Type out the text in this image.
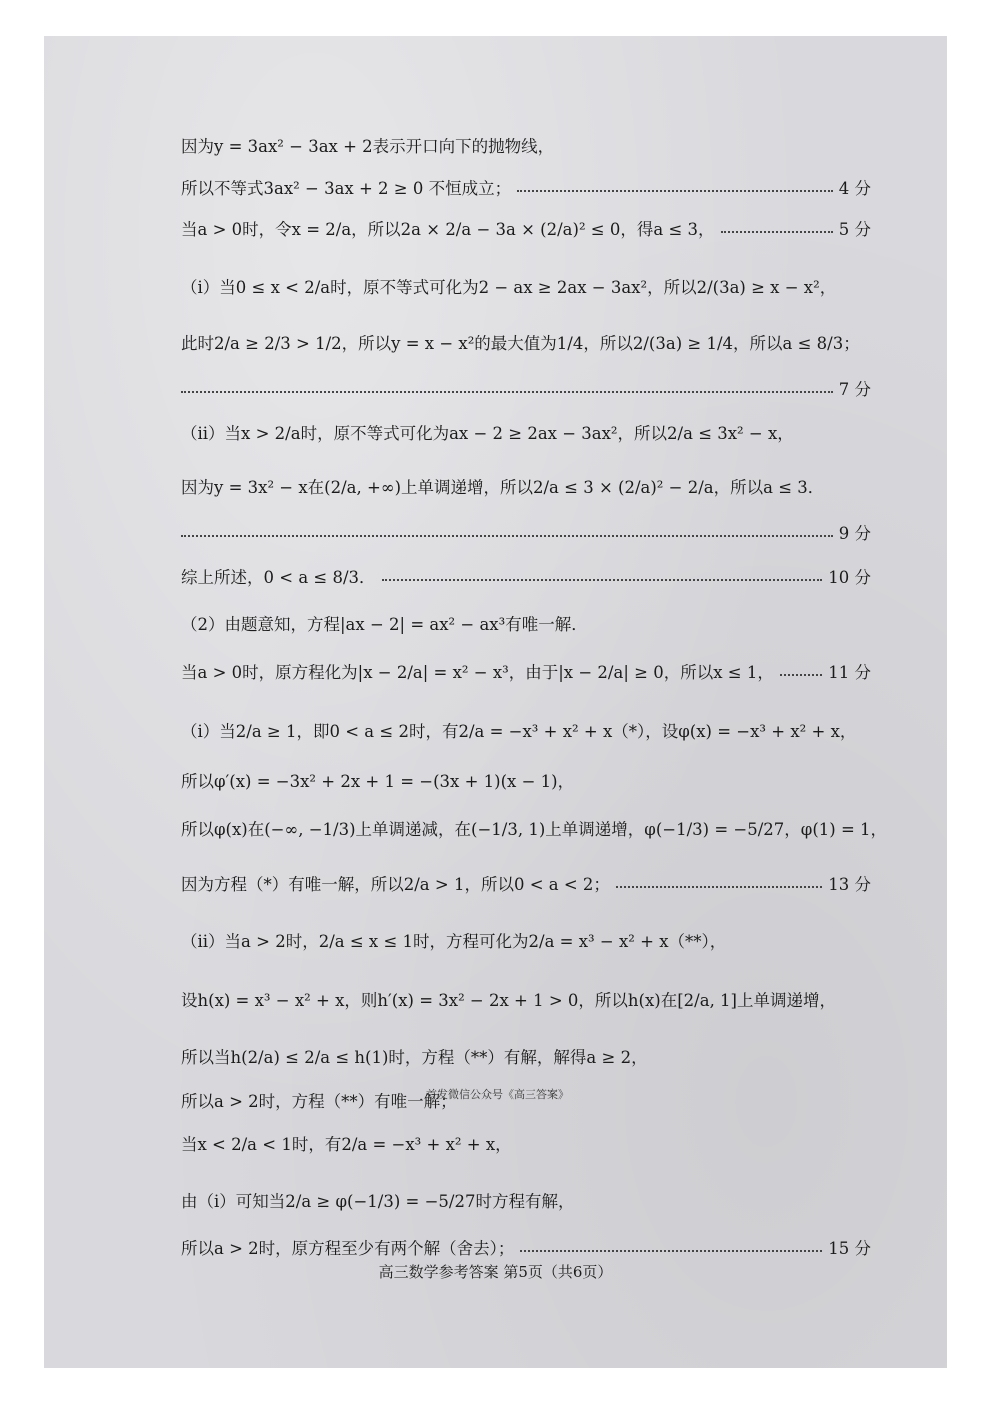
因为y = 3ax² − 3ax + 2表示开口向下的抛物线，
所以不等式3ax² − 3ax + 2 ≥ 0 不恒成立；	4 分
当a > 0时，令x = 2/a，所以2a × 2/a − 3a × (2/a)² ≤ 0，得a ≤ 3，	5 分
（i）当0 ≤ x < 2/a时，原不等式可化为2 − ax ≥ 2ax − 3ax²，所以2/(3a) ≥ x − x²，
此时2/a ≥ 2/3 > 1/2，所以y = x − x²的最大值为1/4，所以2/(3a) ≥ 1/4，所以a ≤ 8/3；
7 分
（ii）当x > 2/a时，原不等式可化为ax − 2 ≥ 2ax − 3ax²，所以2/a ≤ 3x² − x，
因为y = 3x² − x在(2/a, +∞)上单调递增，所以2/a ≤ 3 × (2/a)² − 2/a，所以a ≤ 3．
9 分
综上所述，0 < a ≤ 8/3．	10 分
（2）由题意知，方程|ax − 2| = ax² − ax³有唯一解．
当a > 0时，原方程化为|x − 2/a| = x² − x³，由于|x − 2/a| ≥ 0，所以x ≤ 1，	11 分
（i）当2/a ≥ 1，即0 < a ≤ 2时，有2/a = −x³ + x² + x（*），设φ(x) = −x³ + x² + x，
所以φ′(x) = −3x² + 2x + 1 = −(3x + 1)(x − 1)，
所以φ(x)在(−∞, −1/3)上单调递减，在(−1/3, 1)上单调递增，φ(−1/3) = −5/27，φ(1) = 1，
因为方程（*）有唯一解，所以2/a > 1，所以0 < a < 2；	13 分
（ii）当a > 2时，2/a ≤ x ≤ 1时，方程可化为2/a = x³ − x² + x（**），
设h(x) = x³ − x² + x，则h′(x) = 3x² − 2x + 1 > 0，所以h(x)在[2/a, 1]上单调递增，
所以当h(2/a) ≤ 2/a ≤ h(1)时，方程（**）有解，解得a ≥ 2，
所以a > 2时，方程（**）有唯一解；
当x < 2/a < 1时，有2/a = −x³ + x² + x，
由（i）可知当2/a ≥ φ(−1/3) = −5/27时方程有解，
所以a > 2时，原方程至少有两个解（舍去）；	15 分
首发微信公众号《高三答案》
高三数学参考答案 第5页（共6页）
